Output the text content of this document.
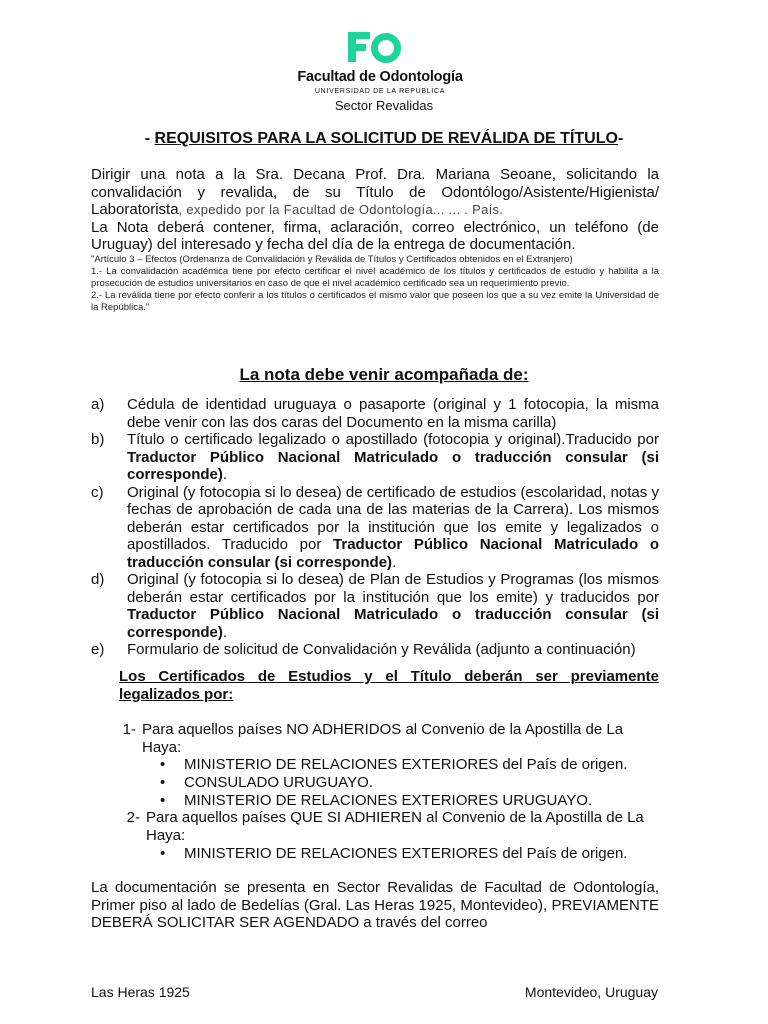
Facultad de Odontología
UNIVERSIDAD DE LA REPÚBLICA
Sector Revalidas
- REQUISITOS PARA LA SOLICITUD DE REVÁLIDA DE TÍTULO-

Dirigir una nota a la Sra. Decana Prof. Dra. Mariana Seoane, solicitando la convalidación y revalida, de su Título de Odontólogo/Asistente/Higienista/ Laboratorista, expedido por la Facultad de Odontología... ... . País.

La Nota deberá contener, firma, aclaración, correo electrónico, un teléfono (de Uruguay) del interesado y fecha del día de la entrega de documentación.

"Artículo 3 – Efectos (Ordenanza de Convalidación y Reválida de Títulos y Certificados obtenidos en el Extranjero)

1.- La convalidación académica tiene por efecto certificar el nivel académico de los títulos y certificados de estudio y habilita a la prosecución de estudios universitarios en caso de que el nivel académico certificado sea un requerimiento previo.

2.- La reválida tiene por efecto conferir a los títulos o certificados el mismo valor que poseen los que a su vez emite la Universidad de la República."

La nota debe venir acompañada de:
a)	Cédula de identidad uruguaya o pasaporte (original y 1 fotocopia, la misma debe venir con las dos caras del Documento en la misma carilla)
b)	Título o certificado legalizado o apostillado (fotocopia y original).Traducido por Traductor Público Nacional Matriculado o traducción consular (si corresponde).
c)	Original (y fotocopia si lo desea) de certificado de estudios (escolaridad, notas y fechas de aprobación de cada una de las materias de la Carrera). Los mismos deberán estar certificados por la institución que los emite y legalizados o apostillados. Traducido por Traductor Público Nacional Matriculado o traducción consular (si corresponde).
d)	Original (y fotocopia si lo desea) de Plan de Estudios y Programas (los mismos deberán estar certificados por la institución que los emite) y traducidos por Traductor Público Nacional Matriculado o traducción consular (si corresponde).
e)	Formulario de solicitud de Convalidación y Reválida (adjunto a continuación)
Los Certificados de Estudios y el Título deberán ser previamente legalizados por:
1- Para aquellos países NO ADHERIDOS al Convenio de la Apostilla de La Haya:
• MINISTERIO DE RELACIONES EXTERIORES del País de origen.
• CONSULADO URUGUAYO.
• MINISTERIO DE RELACIONES EXTERIORES URUGUAYO.
2- Para aquellos países QUE SI ADHIEREN al Convenio de la Apostilla de La Haya:
• MINISTERIO DE RELACIONES EXTERIORES del País de origen.

La documentación se presenta en Sector Revalidas de Facultad de Odontología, Primer piso al lado de Bedelías (Gral. Las Heras 1925, Montevideo), PREVIAMENTE DEBERÁ SOLICITAR SER AGENDADO a través del correo

Las Heras 1925	Montevideo, Uruguay
